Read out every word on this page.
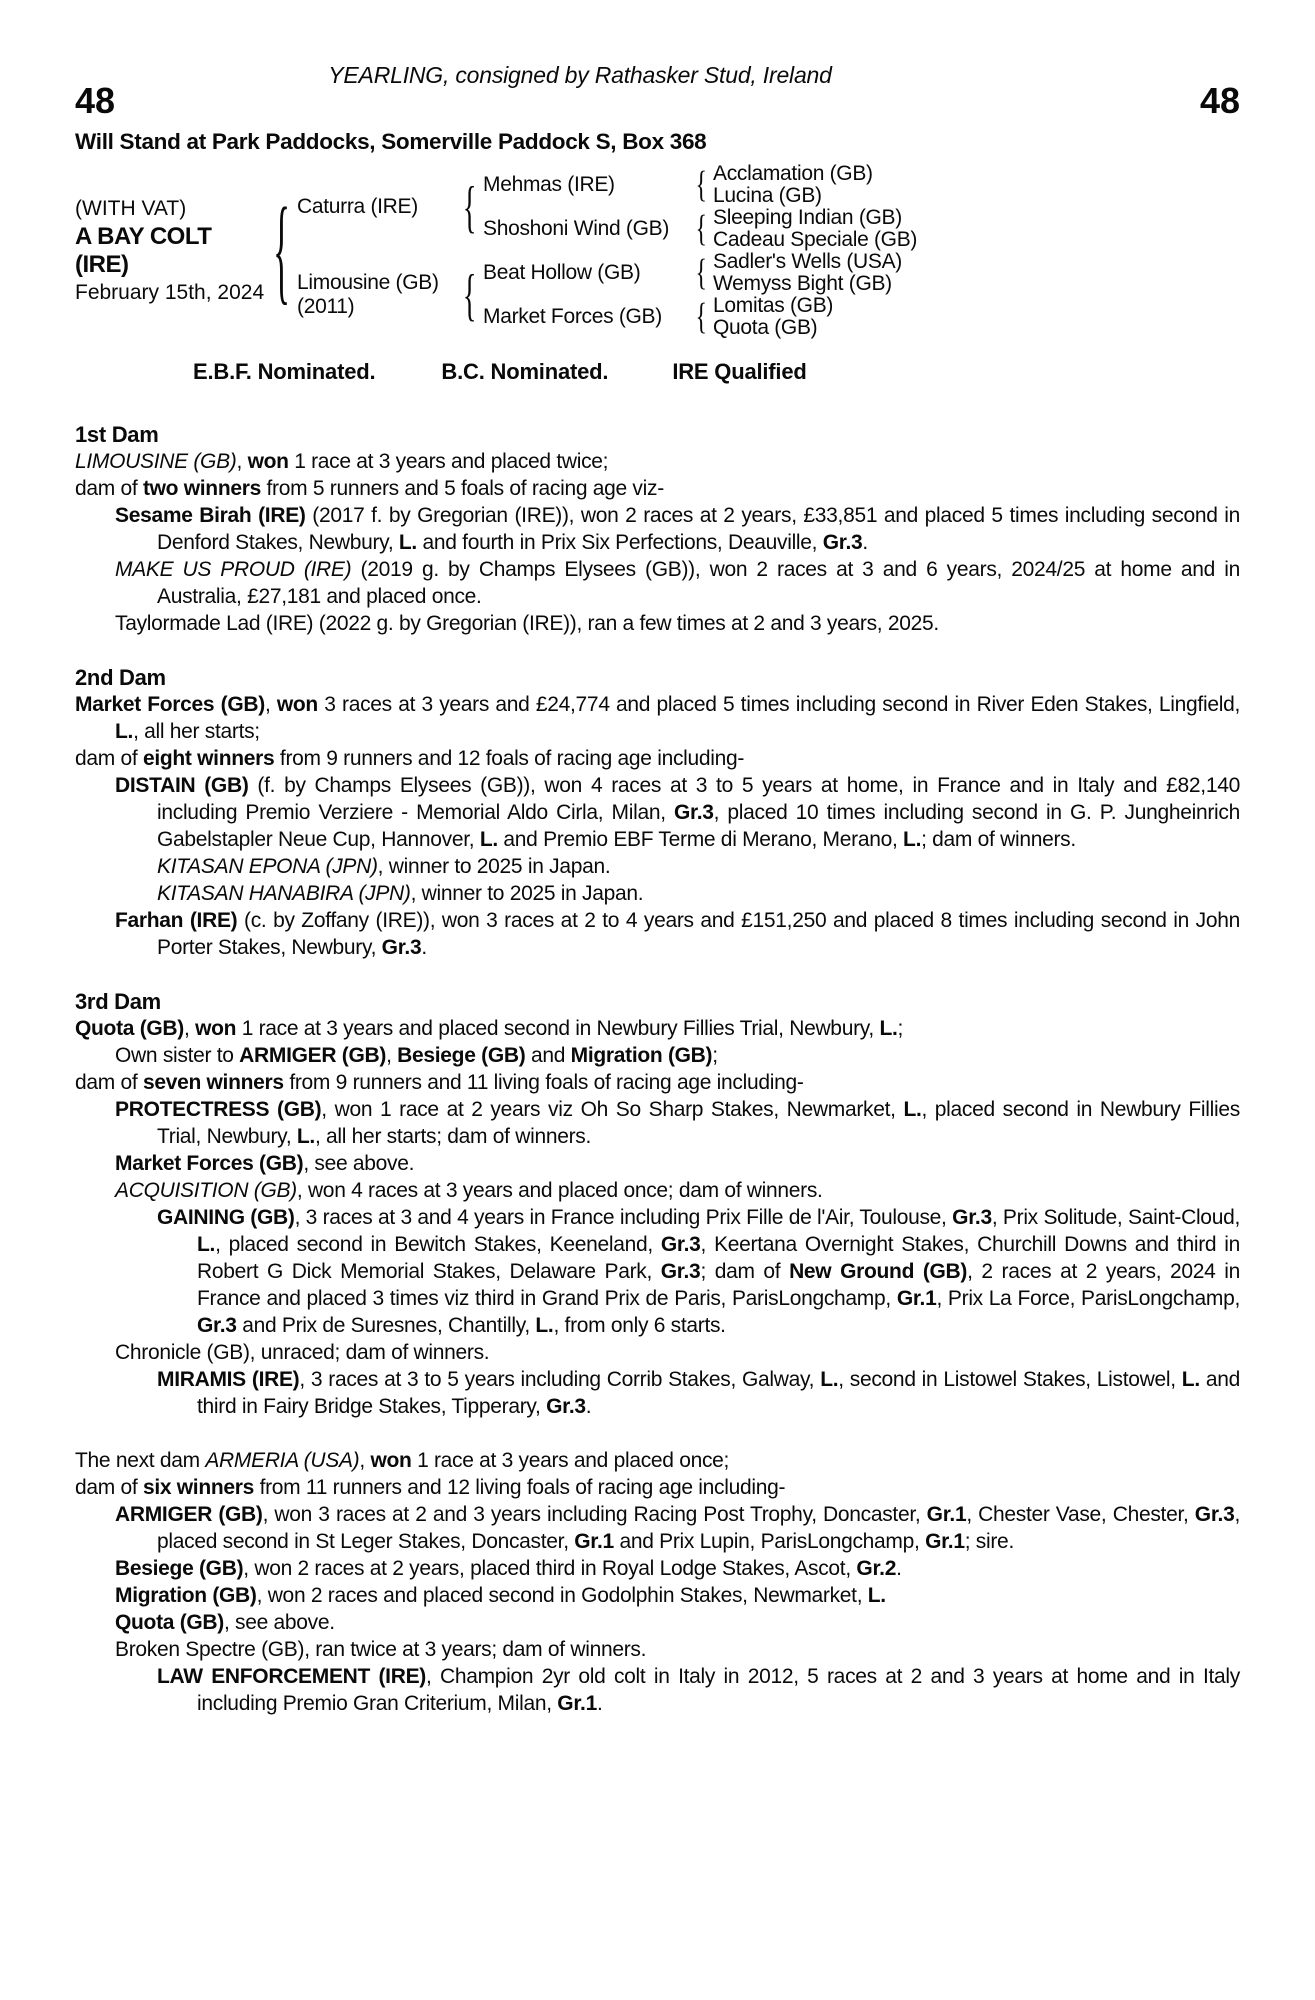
YEARLING, consigned by Rathasker Stud, Ireland
48	48
Will Stand at Park Paddocks, Somerville Paddock S, Box 368
(WITH VAT)
A BAY COLT (IRE)
February 15th, 2024 { Caturra (IRE)	{ Mehmas (IRE)	{ Acclamation (GB)
Lucina (GB)
Shoshoni Wind (GB) { Sleeping Indian (GB)
Cadeau Speciale (GB)
Limousine (GB)
(2011)	{ Beat Hollow (GB)	{ Sadler's Wells (USA)
Wemyss Bight (GB)
Market Forces (GB)	{ Lomitas (GB)
Quota (GB)
E.B.F. Nominated.	B.C. Nominated.	IRE Qualified
1st Dam
LIMOUSINE (GB), won 1 race at 3 years and placed twice;
dam of two winners from 5 runners and 5 foals of racing age viz-
Sesame Birah (IRE) (2017 f. by Gregorian (IRE)), won 2 races at 2 years, £33,851 and placed 5 times including second in Denford Stakes, Newbury, L. and fourth in Prix Six Perfections, Deauville, Gr.3.
MAKE US PROUD (IRE) (2019 g. by Champs Elysees (GB)), won 2 races at 3 and 6 years, 2024/25 at home and in Australia, £27,181 and placed once.
Taylormade Lad (IRE) (2022 g. by Gregorian (IRE)), ran a few times at 2 and 3 years, 2025.
2nd Dam
Market Forces (GB), won 3 races at 3 years and £24,774 and placed 5 times including second in River Eden Stakes, Lingfield, L., all her starts;
dam of eight winners from 9 runners and 12 foals of racing age including-
DISTAIN (GB) (f. by Champs Elysees (GB)), won 4 races at 3 to 5 years at home, in France and in Italy and £82,140 including Premio Verziere - Memorial Aldo Cirla, Milan, Gr.3, placed 10 times including second in G. P. Jungheinrich Gabelstapler Neue Cup, Hannover, L. and Premio EBF Terme di Merano, Merano, L.; dam of winners.
KITASAN EPONA (JPN), winner to 2025 in Japan.
KITASAN HANABIRA (JPN), winner to 2025 in Japan.
Farhan (IRE) (c. by Zoffany (IRE)), won 3 races at 2 to 4 years and £151,250 and placed 8 times including second in John Porter Stakes, Newbury, Gr.3.
3rd Dam
Quota (GB), won 1 race at 3 years and placed second in Newbury Fillies Trial, Newbury, L.;
Own sister to ARMIGER (GB), Besiege (GB) and Migration (GB);
dam of seven winners from 9 runners and 11 living foals of racing age including-
PROTECTRESS (GB), won 1 race at 2 years viz Oh So Sharp Stakes, Newmarket, L., placed second in Newbury Fillies Trial, Newbury, L., all her starts; dam of winners.
Market Forces (GB), see above.
ACQUISITION (GB), won 4 races at 3 years and placed once; dam of winners.
GAINING (GB), 3 races at 3 and 4 years in France including Prix Fille de l'Air, Toulouse, Gr.3, Prix Solitude, Saint-Cloud, L., placed second in Bewitch Stakes, Keeneland, Gr.3, Keertana Overnight Stakes, Churchill Downs and third in Robert G Dick Memorial Stakes, Delaware Park, Gr.3; dam of New Ground (GB), 2 races at 2 years, 2024 in France and placed 3 times viz third in Grand Prix de Paris, ParisLongchamp, Gr.1, Prix La Force, ParisLongchamp, Gr.3 and Prix de Suresnes, Chantilly, L., from only 6 starts.
Chronicle (GB), unraced; dam of winners.
MIRAMIS (IRE), 3 races at 3 to 5 years including Corrib Stakes, Galway, L., second in Listowel Stakes, Listowel, L. and third in Fairy Bridge Stakes, Tipperary, Gr.3.
The next dam ARMERIA (USA), won 1 race at 3 years and placed once;
dam of six winners from 11 runners and 12 living foals of racing age including-
ARMIGER (GB), won 3 races at 2 and 3 years including Racing Post Trophy, Doncaster, Gr.1, Chester Vase, Chester, Gr.3, placed second in St Leger Stakes, Doncaster, Gr.1 and Prix Lupin, ParisLongchamp, Gr.1; sire.
Besiege (GB), won 2 races at 2 years, placed third in Royal Lodge Stakes, Ascot, Gr.2.
Migration (GB), won 2 races and placed second in Godolphin Stakes, Newmarket, L.
Quota (GB), see above.
Broken Spectre (GB), ran twice at 3 years; dam of winners.
LAW ENFORCEMENT (IRE), Champion 2yr old colt in Italy in 2012, 5 races at 2 and 3 years at home and in Italy including Premio Gran Criterium, Milan, Gr.1.
